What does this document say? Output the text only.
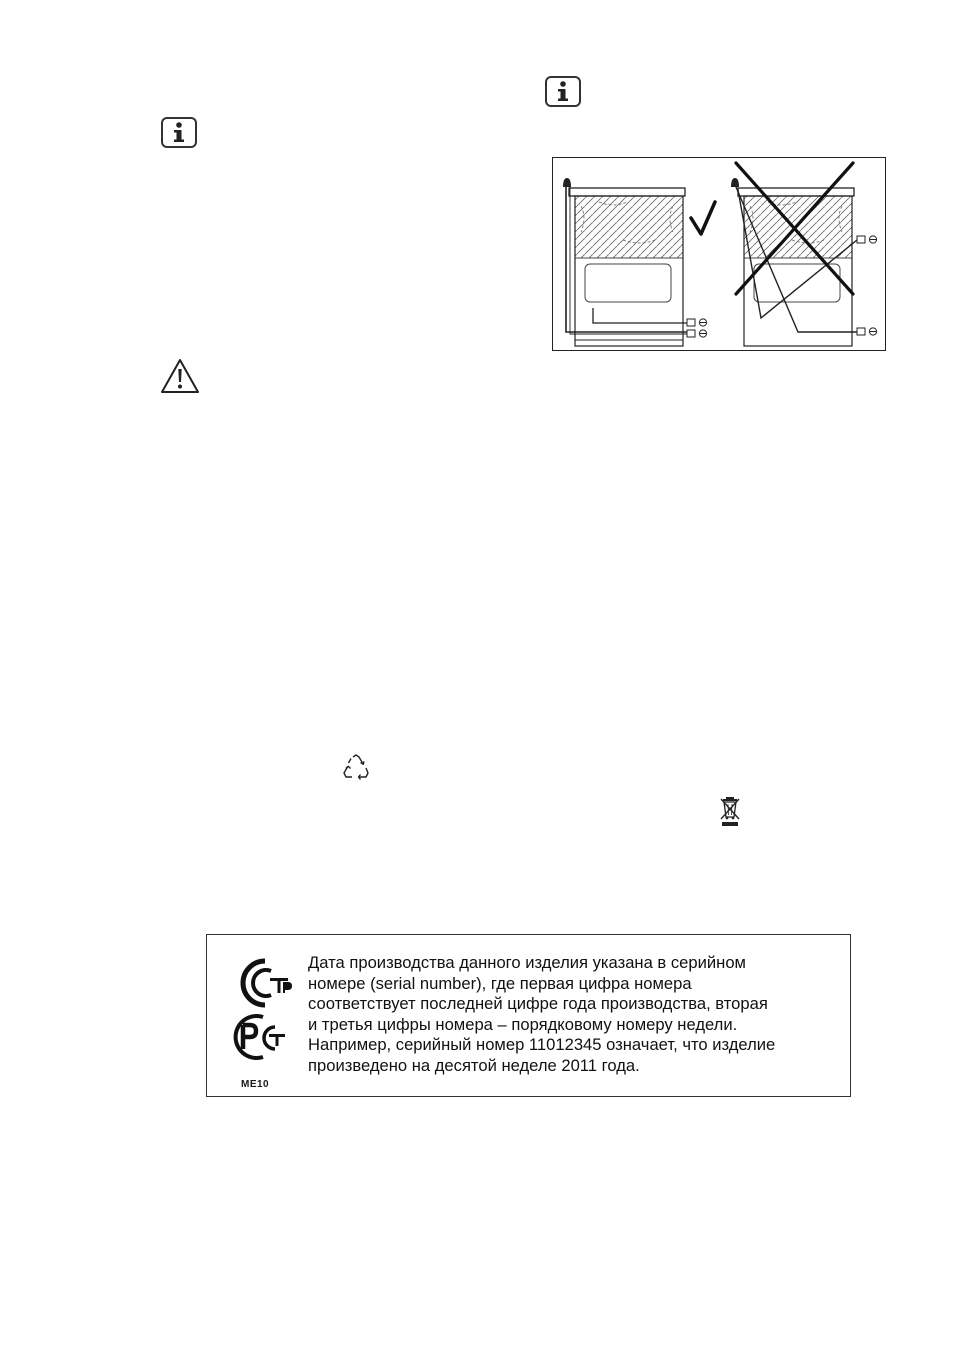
ME10
Дата производства данного изделия указана в серийном
номере (serial number), где первая цифра номера
соответствует последней цифре года производства, вторая
и третья цифры номера – порядковому номеру недели.
Например, серийный номер 11012345 означает, что изделие
произведено на десятой неделе 2011 года.
